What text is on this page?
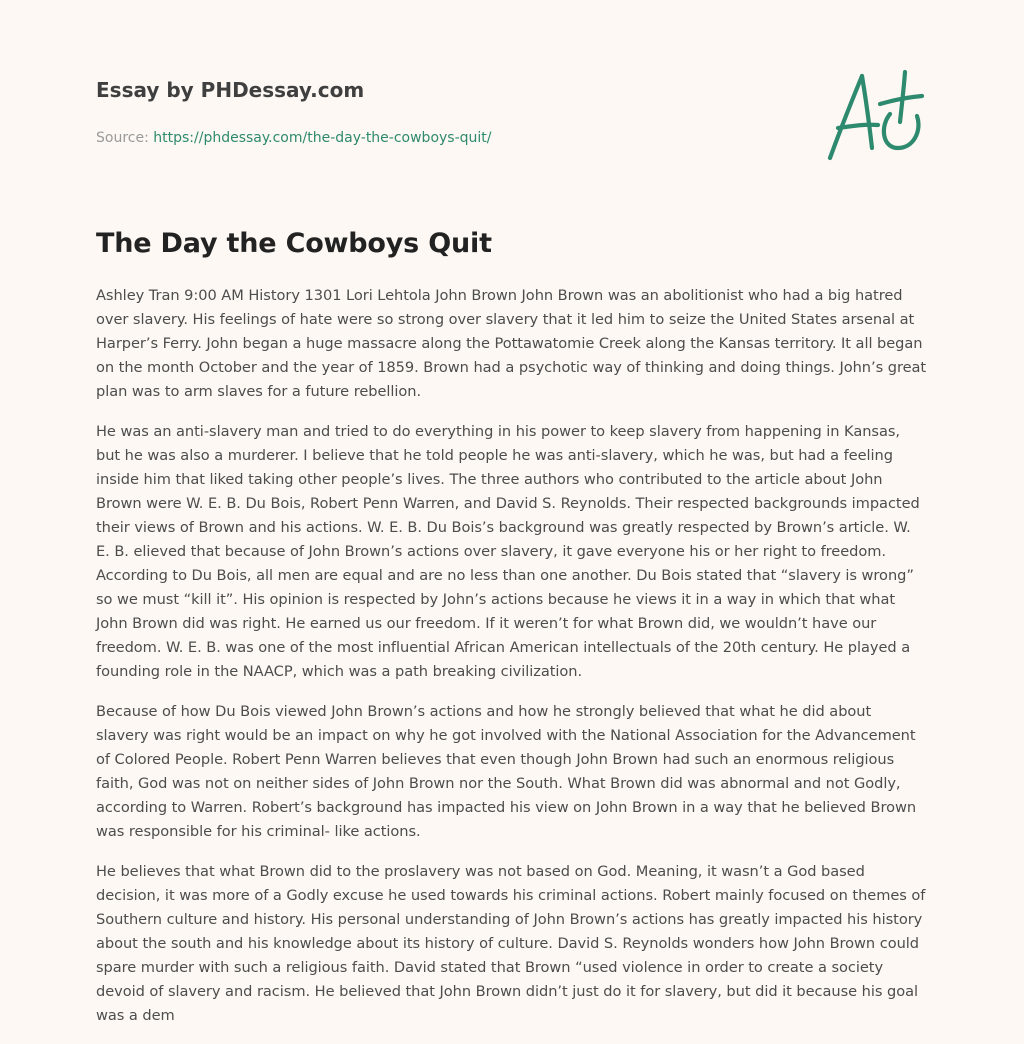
Essay by PHDessay.com
Source: https://phdessay.com/the-day-the-cowboys-quit/
The Day the Cowboys Quit

Ashley Tran 9:00 AM History 1301 Lori Lehtola John Brown John Brown was an abolitionist who had a big hatred over slavery. His feelings of hate were so strong over slavery that it led him to seize the United States arsenal at Harper’s Ferry. John began a huge massacre along the Pottawatomie Creek along the Kansas territory. It all began on the month October and the year of 1859. Brown had a psychotic way of thinking and doing things. John’s great plan was to arm slaves for a future rebellion.

He was an anti-slavery man and tried to do everything in his power to keep slavery from happening in Kansas, but he was also a murderer. I believe that he told people he was anti-slavery, which he was, but had a feeling inside him that liked taking other people’s lives. The three authors who contributed to the article about John Brown were W. E. B. Du Bois, Robert Penn Warren, and David S. Reynolds. Their respected backgrounds impacted their views of Brown and his actions. W. E. B. Du Bois’s background was greatly respected by Brown’s article. W. E. B. elieved that because of John Brown’s actions over slavery, it gave everyone his or her right to freedom. According to Du Bois, all men are equal and are no less than one another. Du Bois stated that “slavery is wrong” so we must “kill it”. His opinion is respected by John’s actions because he views it in a way in which that what John Brown did was right. He earned us our freedom. If it weren’t for what Brown did, we wouldn’t have our freedom. W. E. B. was one of the most influential African American intellectuals of the 20th century. He played a founding role in the NAACP, which was a path breaking civilization.

Because of how Du Bois viewed John Brown’s actions and how he strongly believed that what he did about slavery was right would be an impact on why he got involved with the National Association for the Advancement of Colored People. Robert Penn Warren believes that even though John Brown had such an enormous religious faith, God was not on neither sides of John Brown nor the South. What Brown did was abnormal and not Godly, according to Warren. Robert’s background has impacted his view on John Brown in a way that he believed Brown was responsible for his criminal- like actions.

He believes that what Brown did to the proslavery was not based on God. Meaning, it wasn’t a God based decision, it was more of a Godly excuse he used towards his criminal actions. Robert mainly focused on themes of Southern culture and history. His personal understanding of John Brown’s actions has greatly impacted his history about the south and his knowledge about its history of culture. David S. Reynolds wonders how John Brown could spare murder with such a religious faith. David stated that Brown “used violence in order to create a society devoid of slavery and racism. He believed that John Brown didn’t just do it for slavery, but did it because his goal was a dem
